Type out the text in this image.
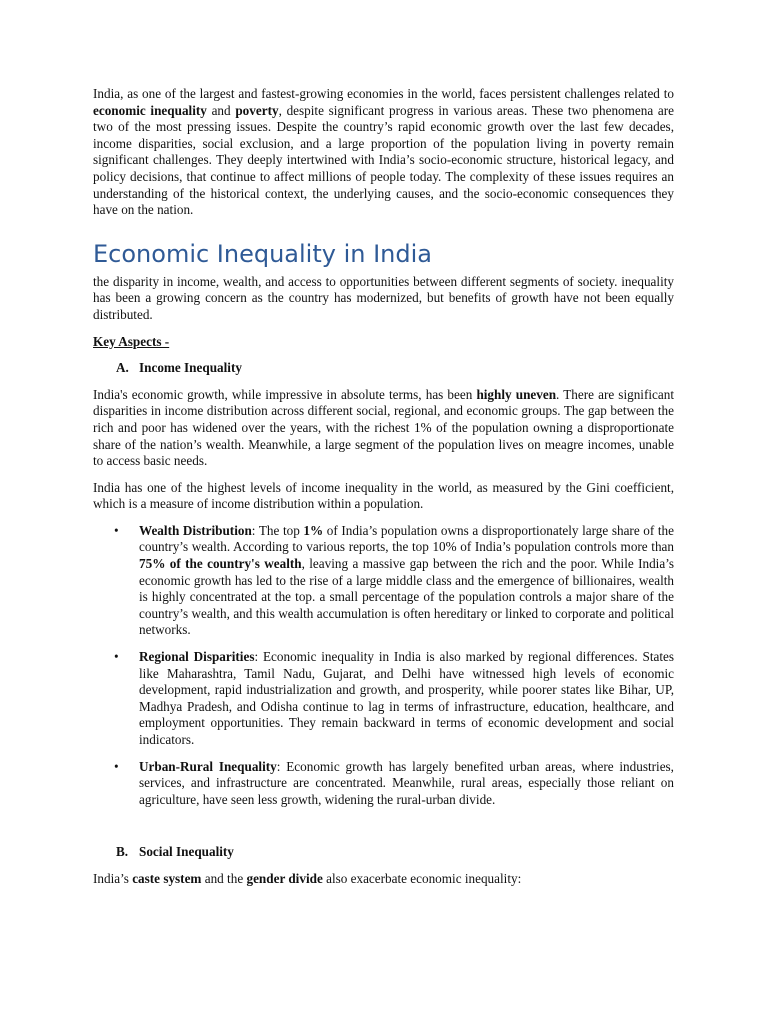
India, as one of the largest and fastest-growing economies in the world, faces persistent challenges related to economic inequality and poverty, despite significant progress in various areas. These two phenomena are two of the most pressing issues. Despite the country’s rapid economic growth over the last few decades, income disparities, social exclusion, and a large proportion of the population living in poverty remain significant challenges. They deeply intertwined with India’s socio-economic structure, historical legacy, and policy decisions, that continue to affect millions of people today. The complexity of these issues requires an understanding of the historical context, the underlying causes, and the socio-economic consequences they have on the nation.

Economic Inequality in India

the disparity in income, wealth, and access to opportunities between different segments of society. inequality has been a growing concern as the country has modernized, but benefits of growth have not been equally distributed.

Key Aspects -

A. Income Inequality

India's economic growth, while impressive in absolute terms, has been highly uneven. There are significant disparities in income distribution across different social, regional, and economic groups. The gap between the rich and poor has widened over the years, with the richest 1% of the population owning a disproportionate share of the nation’s wealth. Meanwhile, a large segment of the population lives on meagre incomes, unable to access basic needs.

India has one of the highest levels of income inequality in the world, as measured by the Gini coefficient, which is a measure of income distribution within a population.

• Wealth Distribution: The top 1% of India’s population owns a disproportionately large share of the country’s wealth. According to various reports, the top 10% of India’s population controls more than 75% of the country's wealth, leaving a massive gap between the rich and the poor. While India’s economic growth has led to the rise of a large middle class and the emergence of billionaires, wealth is highly concentrated at the top. a small percentage of the population controls a major share of the country’s wealth, and this wealth accumulation is often hereditary or linked to corporate and political networks.

• Regional Disparities: Economic inequality in India is also marked by regional differences. States like Maharashtra, Tamil Nadu, Gujarat, and Delhi have witnessed high levels of economic development, rapid industrialization and growth, and prosperity, while poorer states like Bihar, UP, Madhya Pradesh, and Odisha continue to lag in terms of infrastructure, education, healthcare, and employment opportunities. They remain backward in terms of economic development and social indicators.

• Urban-Rural Inequality: Economic growth has largely benefited urban areas, where industries, services, and infrastructure are concentrated. Meanwhile, rural areas, especially those reliant on agriculture, have seen less growth, widening the rural-urban divide.

B. Social Inequality

India’s caste system and the gender divide also exacerbate economic inequality:
